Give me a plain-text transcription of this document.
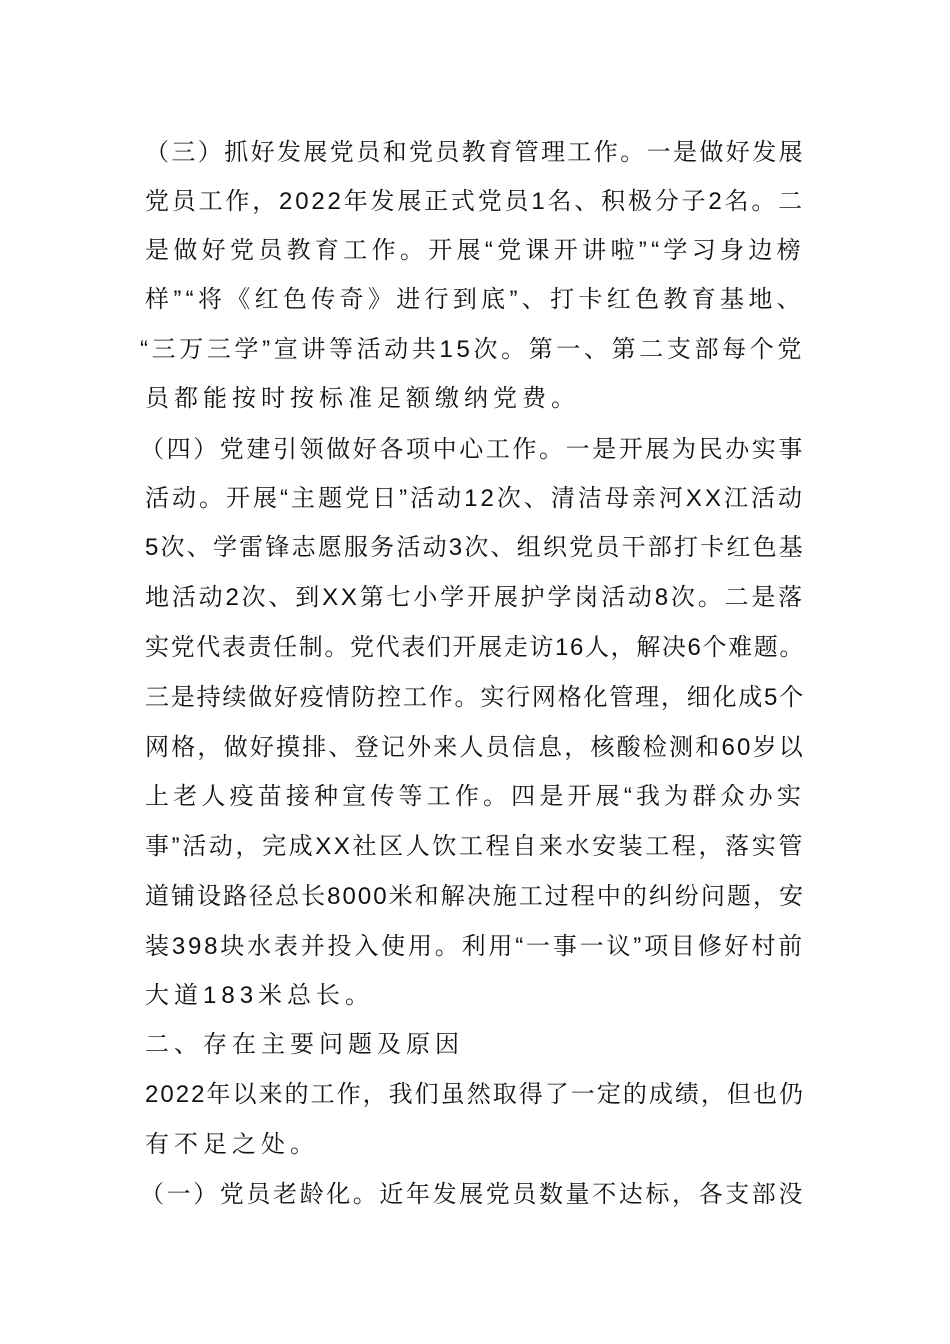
（三）抓好发展党员和党员教育管理工作。一是做好发展
党员工作，2022年发展正式党员1名、积极分子2名。二
是做好党员教育工作。开展“党课开讲啦”“学习身边榜
样”“将《红色传奇》进行到底”、打卡红色教育基地、
“三万三学”宣讲等活动共15次。第一、第二支部每个党
员都能按时按标准足额缴纳党费。
（四）党建引领做好各项中心工作。一是开展为民办实事
活动。开展“主题党日”活动12次、清洁母亲河XX江活动
5次、学雷锋志愿服务活动3次、组织党员干部打卡红色基
地活动2次、到XX第七小学开展护学岗活动8次。二是落
实党代表责任制。党代表们开展走访16人，解决6个难题。
三是持续做好疫情防控工作。实行网格化管理，细化成5个
网格，做好摸排、登记外来人员信息，核酸检测和60岁以
上老人疫苗接种宣传等工作。四是开展“我为群众办实
事”活动，完成XX社区人饮工程自来水安装工程，落实管
道铺设路径总长8000米和解决施工过程中的纠纷问题，安
装398块水表并投入使用。利用“一事一议”项目修好村前
大道183米总长。
二、存在主要问题及原因
2022年以来的工作，我们虽然取得了一定的成绩，但也仍
有不足之处。
（一）党员老龄化。近年发展党员数量不达标，各支部没
